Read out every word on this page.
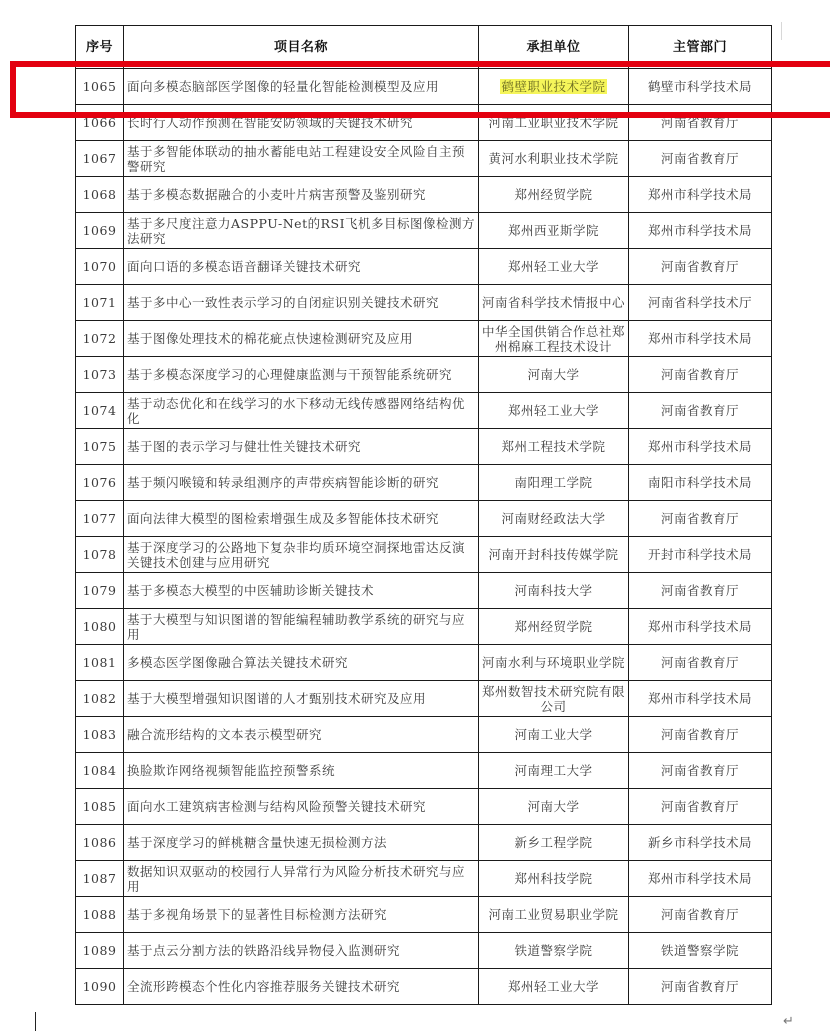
序号	项目名称	承担单位	主管部门
1065	面向多模态脑部医学图像的轻量化智能检测模型及应用	鹤壁职业技术学院	鹤壁市科学技术局
1066	长时行人动作预测在智能安防领域的关键技术研究	河南工业职业技术学院	河南省教育厅
1067	基于多智能体联动的抽水蓄能电站工程建设安全风险自主预警研究	黄河水利职业技术学院	河南省教育厅
1068	基于多模态数据融合的小麦叶片病害预警及鉴别研究	郑州经贸学院	郑州市科学技术局
1069	基于多尺度注意力ASPPU-Net的RSI飞机多目标图像检测方法研究	郑州西亚斯学院	郑州市科学技术局
1070	面向口语的多模态语音翻译关键技术研究	郑州轻工业大学	河南省教育厅
1071	基于多中心一致性表示学习的自闭症识别关键技术研究	河南省科学技术情报中心	河南省科学技术厅
1072	基于图像处理技术的棉花疵点快速检测研究及应用	中华全国供销合作总社郑州棉麻工程技术设计	郑州市科学技术局
1073	基于多模态深度学习的心理健康监测与干预智能系统研究	河南大学	河南省教育厅
1074	基于动态优化和在线学习的水下移动无线传感器网络结构优化	郑州轻工业大学	河南省教育厅
1075	基于图的表示学习与健壮性关键技术研究	郑州工程技术学院	郑州市科学技术局
1076	基于频闪喉镜和转录组测序的声带疾病智能诊断的研究	南阳理工学院	南阳市科学技术局
1077	面向法律大模型的图检索增强生成及多智能体技术研究	河南财经政法大学	河南省教育厅
1078	基于深度学习的公路地下复杂非均质环境空洞探地雷达反演关键技术创建与应用研究	河南开封科技传媒学院	开封市科学技术局
1079	基于多模态大模型的中医辅助诊断关键技术	河南科技大学	河南省教育厅
1080	基于大模型与知识图谱的智能编程辅助教学系统的研究与应用	郑州经贸学院	郑州市科学技术局
1081	多模态医学图像融合算法关键技术研究	河南水利与环境职业学院	河南省教育厅
1082	基于大模型增强知识图谱的人才甄别技术研究及应用	郑州数智技术研究院有限公司	郑州市科学技术局
1083	融合流形结构的文本表示模型研究	河南工业大学	河南省教育厅
1084	换脸欺诈网络视频智能监控预警系统	河南理工大学	河南省教育厅
1085	面向水工建筑病害检测与结构风险预警关键技术研究	河南大学	河南省教育厅
1086	基于深度学习的鲜桃糖含量快速无损检测方法	新乡工程学院	新乡市科学技术局
1087	数据知识双驱动的校园行人异常行为风险分析技术研究与应用	郑州科技学院	郑州市科学技术局
1088	基于多视角场景下的显著性目标检测方法研究	河南工业贸易职业学院	河南省教育厅
1089	基于点云分割方法的铁路沿线异物侵入监测研究	铁道警察学院	铁道警察学院
1090	全流形跨模态个性化内容推荐服务关键技术研究	郑州轻工业大学	河南省教育厅
↵
